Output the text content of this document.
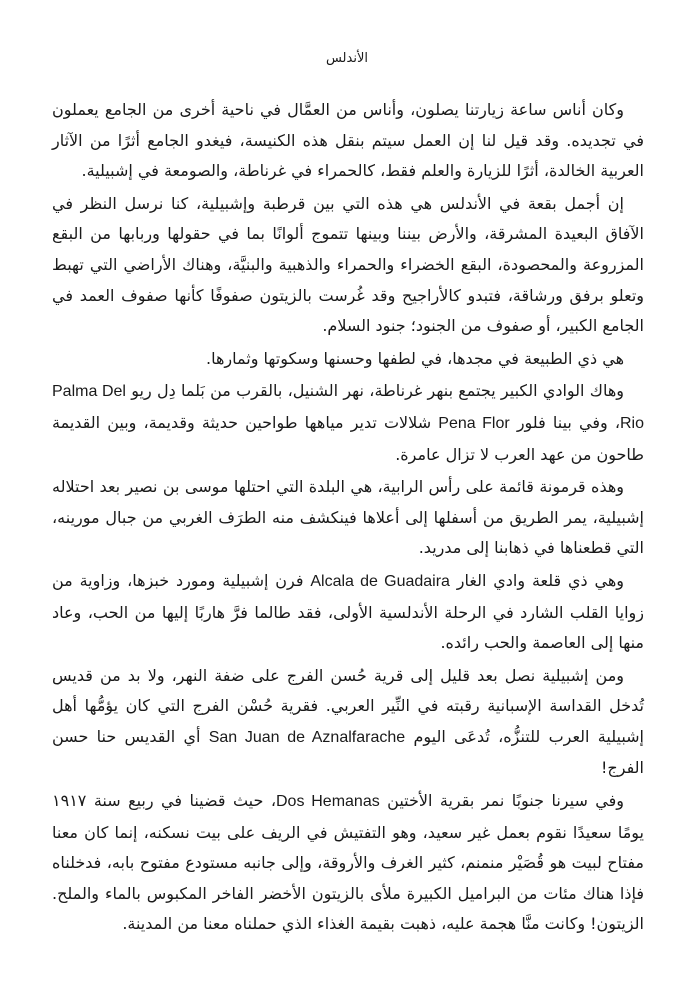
الأندلس

وكان أناس ساعة زيارتنا يصلون، وأناس من العمَّال في ناحية أخرى من الجامع يعملون في تجديده. وقد قيل لنا إن العمل سيتم بنقل هذه الكنيسة، فيغدو الجامع أثرًا من الآثار العربية الخالدة، أثرًا للزيارة والعلم فقط، كالحمراء في غرناطة، والصومعة في إشبيلية.

إن أجمل بقعة في الأندلس هي هذه التي بين قرطبة وإشبيلية، كنا نرسل النظر في الآفاق البعيدة المشرقة، والأرض بيننا وبينها تتموج ألوانًا بما في حقولها وربابها من البقع المزروعة والمحصودة، البقع الخضراء والحمراء والذهبية والبنيَّة، وهناك الأراضي التي تهبط وتعلو برفق ورشاقة، فتبدو كالأراجيح وقد غُرست بالزيتون صفوفًا كأنها صفوف العمد في الجامع الكبير، أو صفوف من الجنود؛ جنود السلام.

هي ذي الطبيعة في مجدها، في لطفها وحسنها وسكوتها وثمارها.

وهاك الوادي الكبير يجتمع بنهر غرناطة، نهر الشنيل، بالقرب من بَلما دِل ريو Palma Del Rio، وفي بينا فلور Pena Flor شلالات تدير مياهها طواحين حديثة وقديمة، وبين القديمة طاحون من عهد العرب لا تزال عامرة.

وهذه قرمونة قائمة على رأس الرابية، هي البلدة التي احتلها موسى بن نصير بعد احتلاله إشبيلية، يمر الطريق من أسفلها إلى أعلاها فينكشف منه الطرَف الغربي من جبال مورينه، التي قطعناها في ذهابنا إلى مدريد.

وهي ذي قلعة وادي الغار Alcala de Guadaira فرن إشبيلية ومورد خبزها، وزاوية من زوايا القلب الشارد في الرحلة الأندلسية الأولى، فقد طالما فرَّ هاربًا إليها من الحب، وعاد منها إلى العاصمة والحب رائده.

ومن إشبيلية نصل بعد قليل إلى قرية حُسن الفرج على ضفة النهر، ولا بد من قديس تُدخل القداسة الإسبانية رقبته في النِّير العربي. فقرية حُسْن الفرج التي كان يؤمُّها أهل إشبيلية العرب للتنزُّه، تُدعَى اليوم San Juan de Aznalfarache أي القديس حنا حسن الفرج!

وفي سيرنا جنوبًا نمر بقرية الأختين Dos Hemanas، حيث قضينا في ربيع سنة ١٩١٧ يومًا سعيدًا نقوم بعمل غير سعيد، وهو التفتيش في الريف على بيت نسكنه، إنما كان معنا مفتاح لبيت هو قُصَيْر منمنم، كثير الغرف والأروقة، وإلى جانبه مستودع مفتوح بابه، فدخلناه فإذا هناك مئات من البراميل الكبيرة ملأى بالزيتون الأخضر الفاخر المكبوس بالماء والملح. الزيتون! وكانت منَّا هجمة عليه، ذهبت بقيمة الغذاء الذي حملناه معنا من المدينة.
